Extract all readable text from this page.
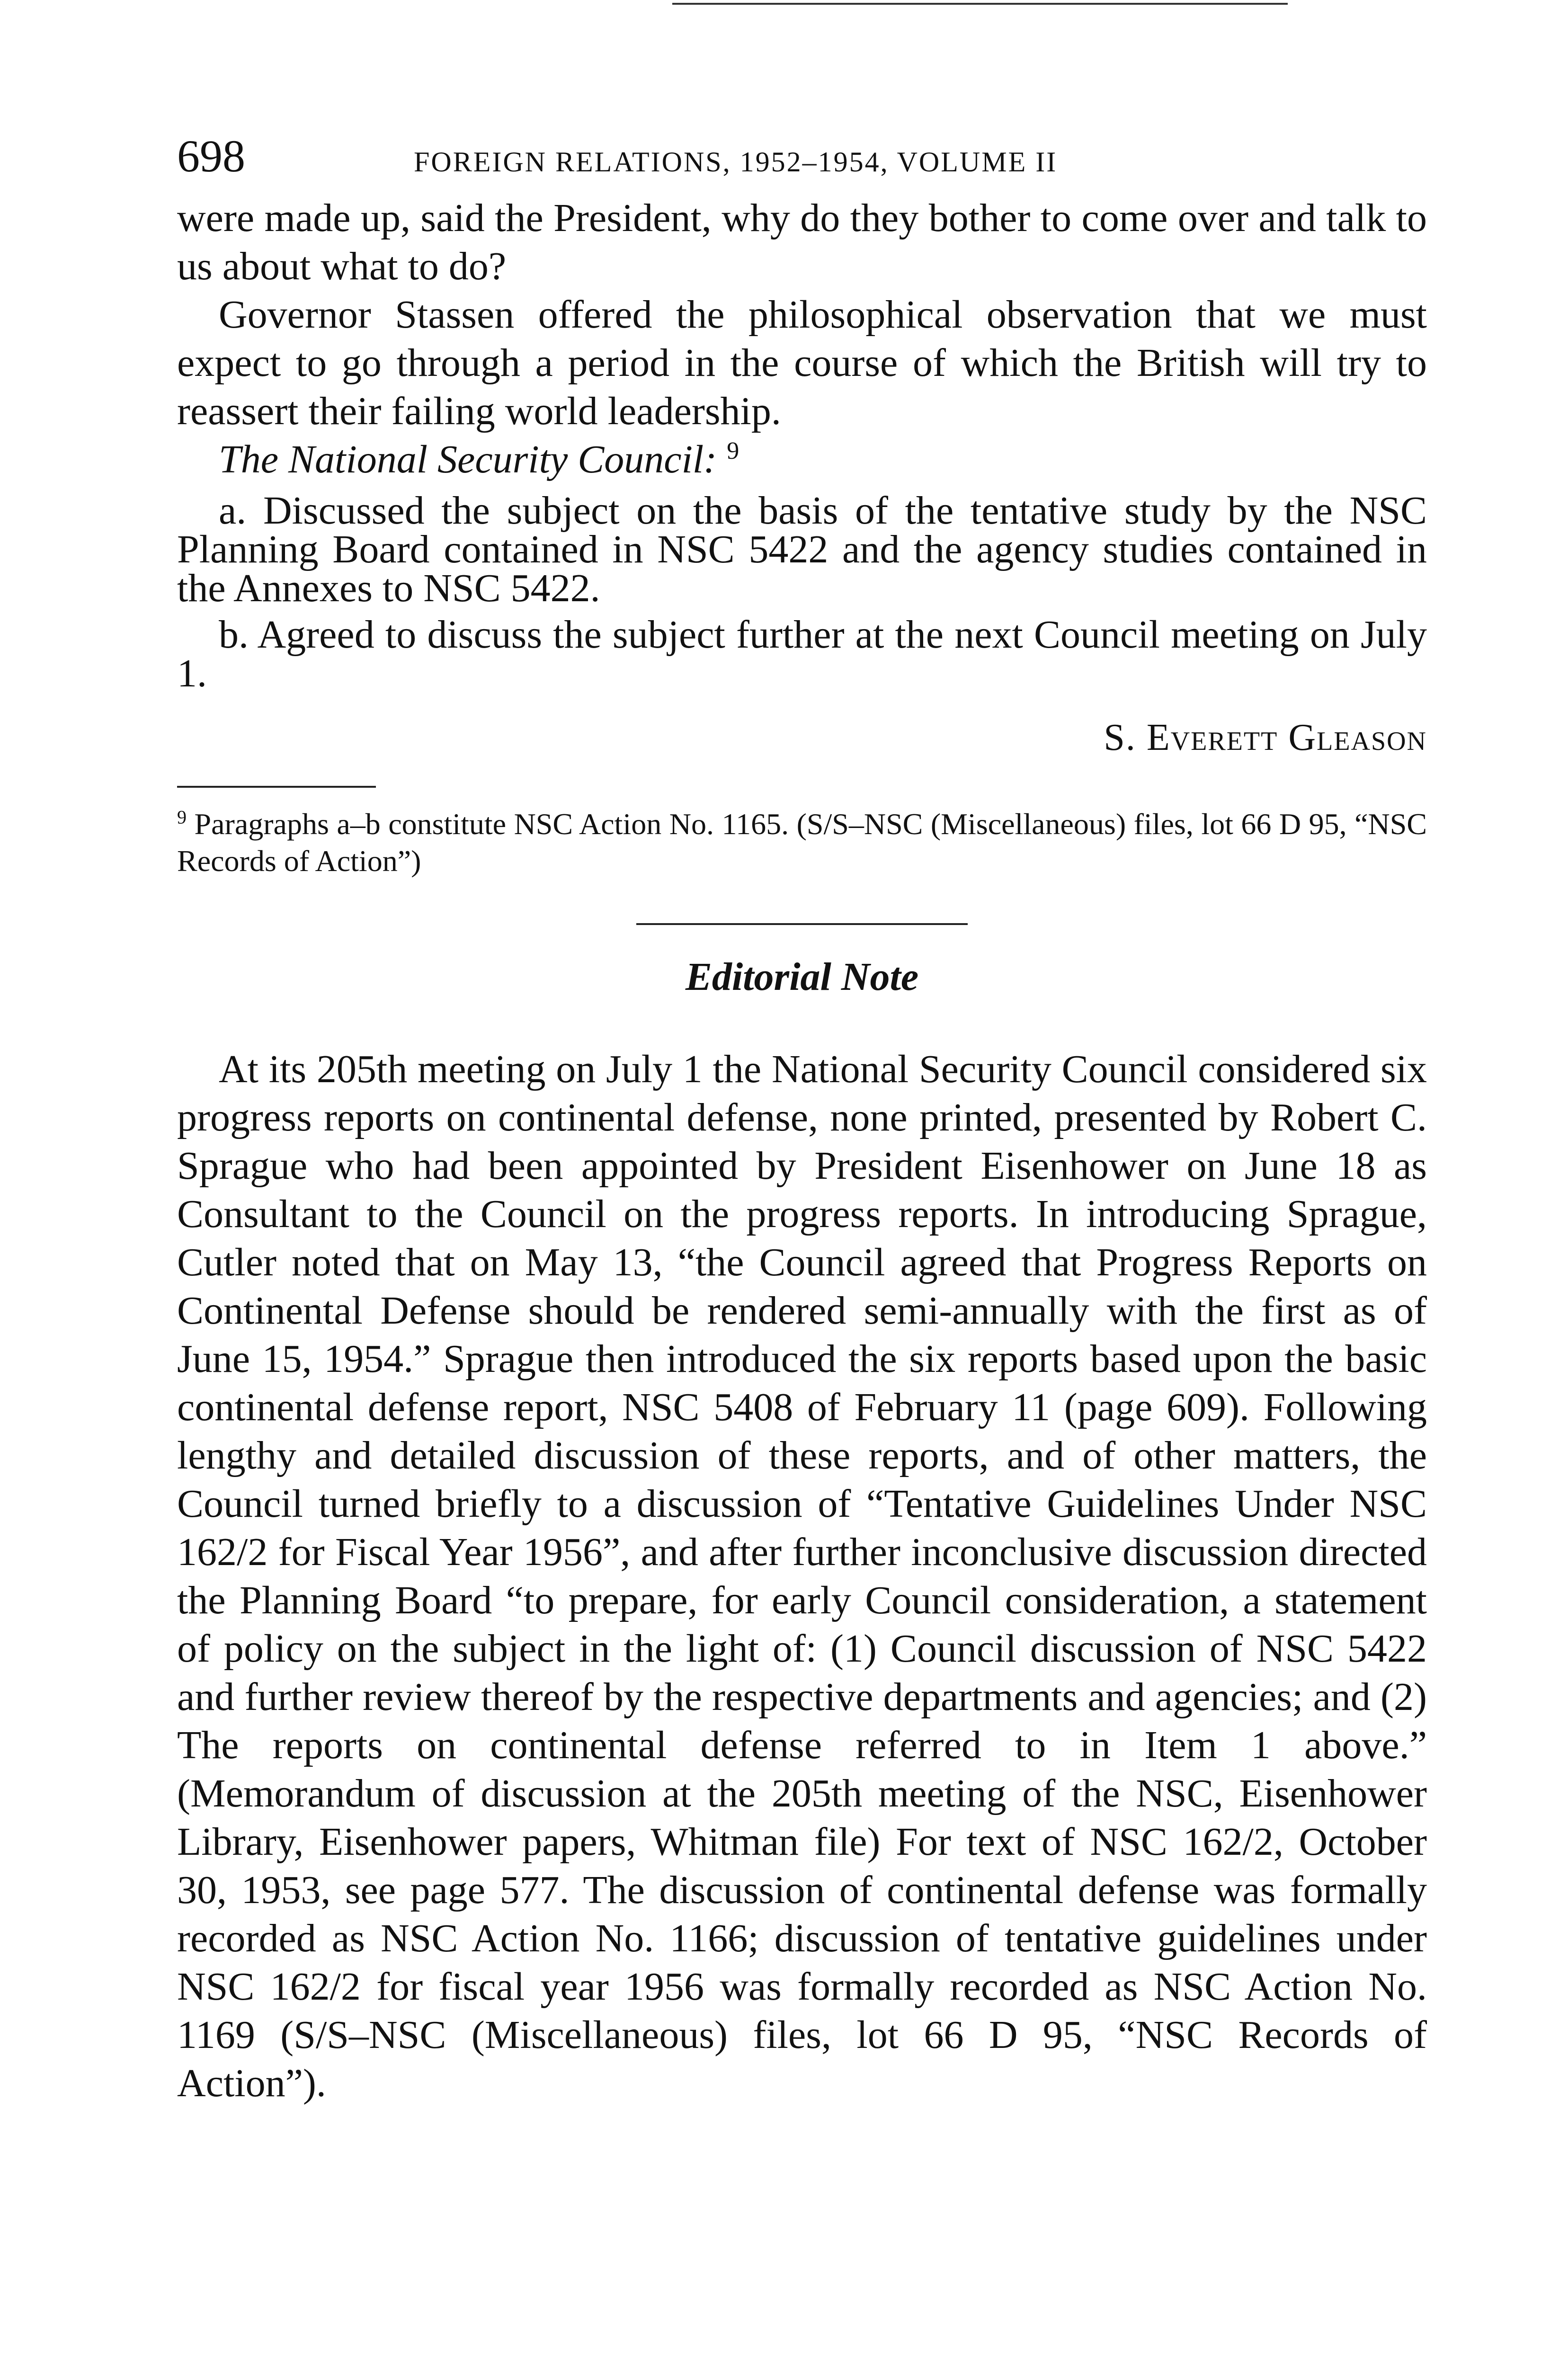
698	FOREIGN RELATIONS, 1952–1954, VOLUME II

were made up, said the President, why do they bother to come over and talk to us about what to do?

Governor Stassen offered the philosophical observation that we must expect to go through a period in the course of which the British will try to reassert their failing world leadership.

The National Security Council: $^9$

a. Discussed the subject on the basis of the tentative study by the NSC Planning Board contained in NSC 5422 and the agency studies contained in the Annexes to NSC 5422.

b. Agreed to discuss the subject further at the next Council meeting on July 1.

S. Everett Gleason

$^9$ Paragraphs a–b constitute NSC Action No. 1165. (S/S–NSC (Miscellaneous) files, lot 66 D 95, “NSC Records of Action”)

Editorial Note

At its 205th meeting on July 1 the National Security Council considered six progress reports on continental defense, none printed, presented by Robert C. Sprague who had been appointed by President Eisenhower on June 18 as Consultant to the Council on the progress reports. In introducing Sprague, Cutler noted that on May 13, “the Council agreed that Progress Reports on Continental Defense should be rendered semi-annually with the first as of June 15, 1954.” Sprague then introduced the six reports based upon the basic continental defense report, NSC 5408 of February 11 (page 609). Following lengthy and detailed discussion of these reports, and of other matters, the Council turned briefly to a discussion of “Tentative Guidelines Under NSC 162/2 for Fiscal Year 1956”, and after further inconclusive discussion directed the Planning Board “to prepare, for early Council consideration, a statement of policy on the subject in the light of: (1) Council discussion of NSC 5422 and further review thereof by the respective departments and agencies; and (2) The reports on continental defense referred to in Item 1 above.” (Memorandum of discussion at the 205th meeting of the NSC, Eisenhower Library, Eisenhower papers, Whitman file) For text of NSC 162/2, October 30, 1953, see page 577. The discussion of continental defense was formally recorded as NSC Action No. 1166; discussion of tentative guidelines under NSC 162/2 for fiscal year 1956 was formally recorded as NSC Action No. 1169 (S/S–NSC (Miscellaneous) files, lot 66 D 95, “NSC Records of Action”).
